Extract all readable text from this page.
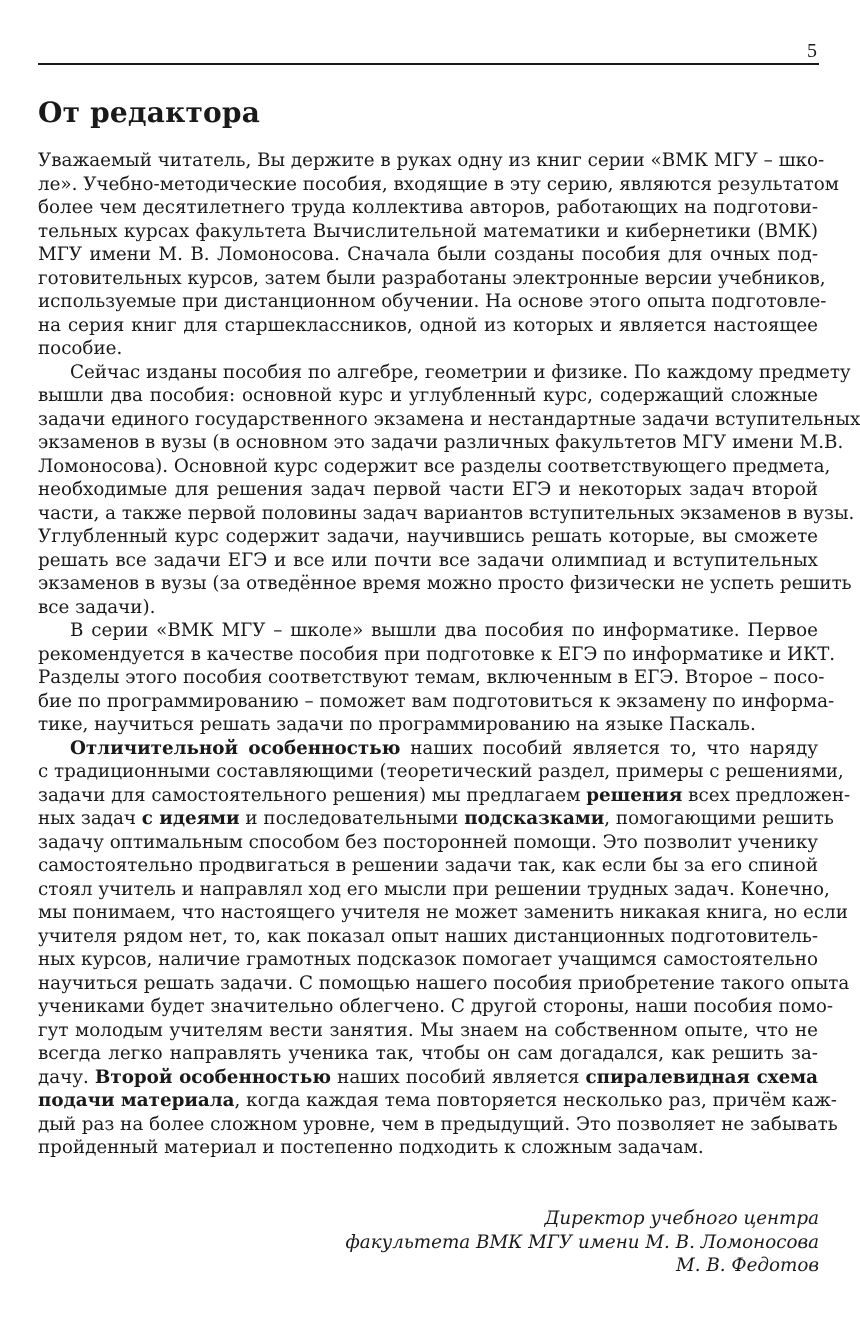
5
От редактора
Уважаемый читатель, Вы держите в руках одну из книг серии «ВМК МГУ – шко-
ле». Учебно-методические пособия, входящие в эту серию, являются результатом
более чем десятилетнего труда коллектива авторов, работающих на подготови-
тельных курсах факультета Вычислительной математики и кибернетики (ВМК)
МГУ имени М. В. Ломоносова. Сначала были созданы пособия для очных под-
готовительных курсов, затем были разработаны электронные версии учебников,
используемые при дистанционном обучении. На основе этого опыта подготовле-
на серия книг для старшеклассников, одной из которых и является настоящее
пособие.
Сейчас изданы пособия по алгебре, геометрии и физике. По каждому предмету
вышли два пособия: основной курс и углубленный курс, содержащий сложные
задачи единого государственного экзамена и нестандартные задачи вступительных
экзаменов в вузы (в основном это задачи различных факультетов МГУ имени М.В.
Ломоносова). Основной курс содержит все разделы соответствующего предмета,
необходимые для решения задач первой части ЕГЭ и некоторых задач второй
части, а также первой половины задач вариантов вступительных экзаменов в вузы.
Углубленный курс содержит задачи, научившись решать которые, вы сможете
решать все задачи ЕГЭ и все или почти все задачи олимпиад и вступительных
экзаменов в вузы (за отведённое время можно просто физически не успеть решить
все задачи).
В серии «ВМК МГУ – школе» вышли два пособия по информатике. Первое
рекомендуется в качестве пособия при подготовке к ЕГЭ по информатике и ИКТ.
Разделы этого пособия соответствуют темам, включенным в ЕГЭ. Второе – посо-
бие по программированию – поможет вам подготовиться к экзамену по информа-
тике, научиться решать задачи по программированию на языке Паскаль.
Отличительной особенностью наших пособий является то, что наряду
с традиционными составляющими (теоретический раздел, примеры с решениями,
задачи для самостоятельного решения) мы предлагаем решения всех предложен-
ных задач с идеями и последовательными подсказками, помогающими решить
задачу оптимальным способом без посторонней помощи. Это позволит ученику
самостоятельно продвигаться в решении задачи так, как если бы за его спиной
стоял учитель и направлял ход его мысли при решении трудных задач. Конечно,
мы понимаем, что настоящего учителя не может заменить никакая книга, но если
учителя рядом нет, то, как показал опыт наших дистанционных подготовитель-
ных курсов, наличие грамотных подсказок помогает учащимся самостоятельно
научиться решать задачи. С помощью нашего пособия приобретение такого опыта
учениками будет значительно облегчено. С другой стороны, наши пособия помо-
гут молодым учителям вести занятия. Мы знаем на собственном опыте, что не
всегда легко направлять ученика так, чтобы он сам догадался, как решить за-
дачу. Второй особенностью наших пособий является спиралевидная схема
подачи материала, когда каждая тема повторяется несколько раз, причём каж-
дый раз на более сложном уровне, чем в предыдущий. Это позволяет не забывать
пройденный материал и постепенно подходить к сложным задачам.
Директор учебного центра
факультета ВМК МГУ имени М. В. Ломоносова
М. В. Федотов
